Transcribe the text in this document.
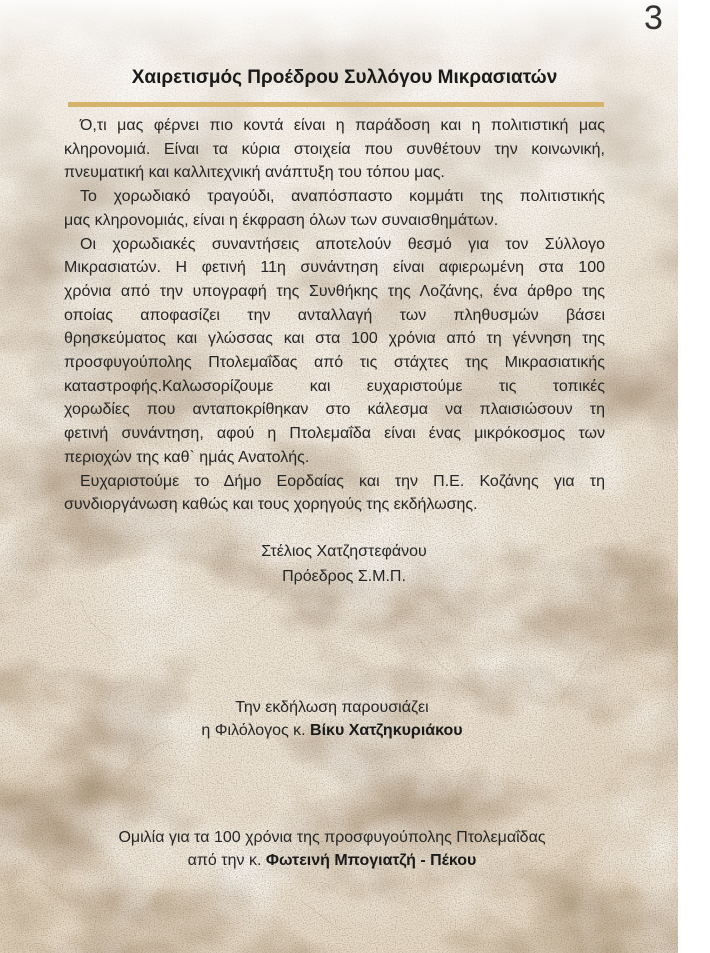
3
Χαιρετισμός Προέδρου Συλλόγου Μικρασιατών
Ό,τι μας φέρνει πιο κοντά είναι η παράδοση και η πολιτιστική μας
κληρονομιά. Είναι τα κύρια στοιχεία που συνθέτουν την κοινωνική,
πνευματική και καλλιτεχνική ανάπτυξη του τόπου μας.
Το χορωδιακό τραγούδι, αναπόσπαστο κομμάτι της πολιτιστικής
μας κληρονομιάς, είναι η έκφραση όλων των συναισθημάτων.
Οι χορωδιακές συναντήσεις αποτελούν θεσμό για τον Σύλλογο
Μικρασιατών. Η φετινή 11η συνάντηση είναι αφιερωμένη στα 100
χρόνια από την υπογραφή της Συνθήκης της Λοζάνης, ένα άρθρο της
οποίας αποφασίζει την ανταλλαγή των πληθυσμών βάσει
θρησκεύματος και γλώσσας και στα 100 χρόνια από τη γέννηση της
προσφυγούπολης Πτολεμαΐδας από τις στάχτες της Μικρασιατικής
καταστροφής.Καλωσορίζουμε και ευχαριστούμε τις τοπικές
χορωδίες που ανταποκρίθηκαν στο κάλεσμα να πλαισιώσουν τη
φετινή συνάντηση, αφού η Πτολεμαΐδα είναι ένας μικρόκοσμος των
περιοχών της καθ` ημάς Ανατολής.
Ευχαριστούμε το Δήμο Εορδαίας και την Π.Ε. Κοζάνης για τη
συνδιοργάνωση καθώς και τους χορηγούς της εκδήλωσης.
Στέλιος Χατζηστεφάνου
Πρόεδρος Σ.Μ.Π.
Την εκδήλωση παρουσιάζει
η Φιλόλογος κ. Βίκυ Χατζηκυριάκου
Ομιλία για τα 100 χρόνια της προσφυγούπολης Πτολεμαΐδας
από την κ. Φωτεινή Μπογιατζή - Πέκου
